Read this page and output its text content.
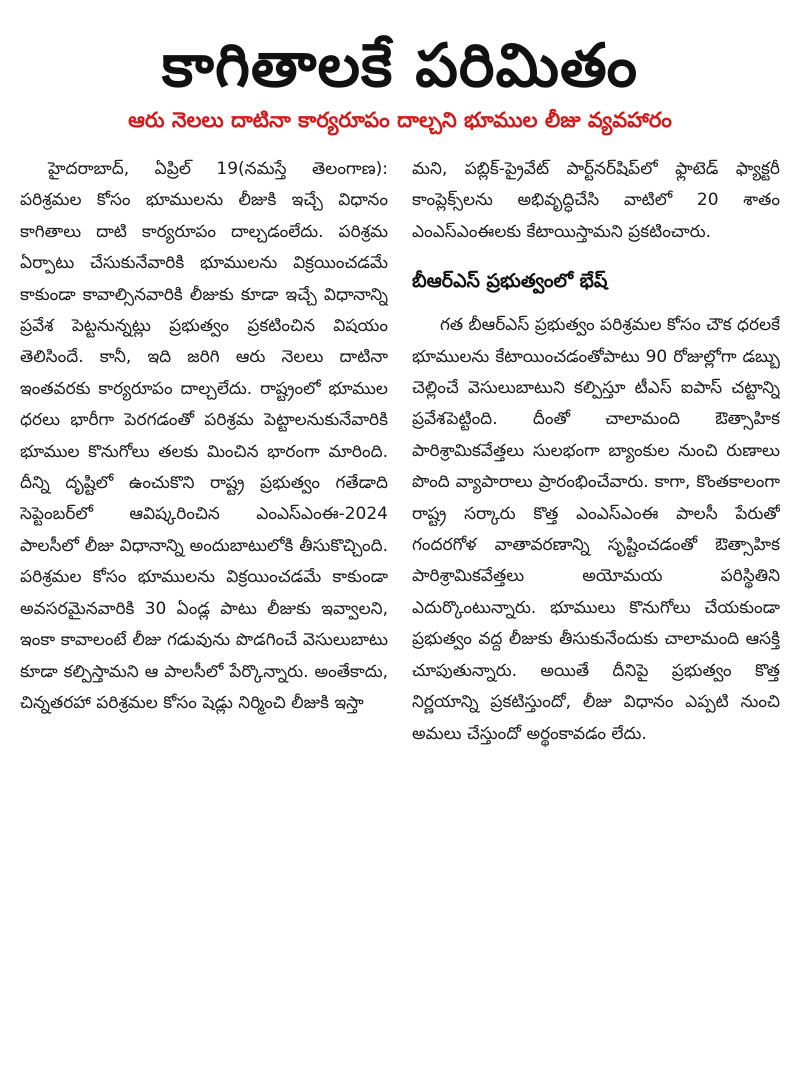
కాగితాలకే పరిమితం
ఆరు నెలలు దాటినా కార్యరూపం దాల్చని భూముల లీజు వ్యవహారం

హైదరాబాద్‌, ఏప్రిల్‌ 19(నమస్తే తెలంగాణ): పరిశ్రమల కోసం భూములను లీజుకి ఇచ్చే విధానం కాగితాలు దాటి కార్యరూపం దాల్చడంలేదు. పరిశ్రమ ఏర్పాటు చేసుకునేవారికి భూములను విక్రయించడమే కాకుండా కావాల్సినవారికి లీజుకు కూడా ఇచ్చే విధానాన్ని ప్రవేశ పెట్టనున్నట్లు ప్రభుత్వం ప్రకటించిన విషయం తెలిసిందే. కానీ, ఇది జరిగి ఆరు నెలలు దాటినా ఇంతవరకు కార్యరూపం దాల్చలేదు. రాష్ట్రంలో భూముల ధరలు భారీగా పెరగడంతో పరిశ్రమ పెట్టాలనుకునేవారికి భూముల కొనుగోలు తలకు మించిన భారంగా మారింది. దీన్ని దృష్టిలో ఉంచుకొని రాష్ట్ర ప్రభుత్వం గతేడాది సెప్టెంబర్‌లో ఆవిష్కరించిన ఎంఎస్‌ఎంఈ-2024 పాలసీలో లీజు విధానాన్ని అందుబాటులోకి తీసుకొచ్చింది. పరిశ్రమల కోసం భూములను విక్రయించడమే కాకుండా అవసరమైనవారికి 30 ఏండ్ల పాటు లీజుకు ఇవ్వాలని, ఇంకా కావాలంటే లీజు గడువును పొడగించే వెసులుబాటు కూడా కల్పిస్తామని ఆ పాలసీలో పేర్కొన్నారు. అంతేకాదు, చిన్నతరహా పరిశ్రమల కోసం షెడ్లు నిర్మించి లీజుకి ఇస్తా

మని, పబ్లిక్‌-ప్రైవేట్‌ పార్ట్‌నర్‌షిప్‌లో ఫ్లాటెడ్‌ ఫ్యాక్టరీ కాంప్లెక్స్‌లను అభివృద్ధిచేసి వాటిలో 20 శాతం ఎంఎస్‌ఎంఈలకు కేటాయిస్తామని ప్రకటించారు.

బీఆర్‌ఎస్‌ ప్రభుత్వంలో భేష్‌

గత బీఆర్‌ఎస్‌ ప్రభుత్వం పరిశ్రమల కోసం చౌక ధరలకే భూములను కేటాయించడంతోపాటు 90 రోజుల్లోగా డబ్బు చెల్లించే వెసులుబాటుని కల్పిస్తూ టీఎస్‌ ఐపాస్‌ చట్టాన్ని ప్రవేశపెట్టింది. దీంతో చాలామంది ఔత్సాహిక పారిశ్రామికవేత్తలు సులభంగా బ్యాంకుల నుంచి రుణాలు పొంది వ్యాపారాలు ప్రారంభించేవారు. కాగా, కొంతకాలంగా రాష్ట్ర సర్కారు కొత్త ఎంఎస్‌ఎంఈ పాలసీ పేరుతో గందరగోళ వాతావరణాన్ని సృష్టించడంతో ఔత్సాహిక పారిశ్రామికవేత్తలు అయోమయ పరిస్థితిని ఎదుర్కొంటున్నారు. భూములు కొనుగోలు చేయకుండా ప్రభుత్వం వద్ద లీజుకు తీసుకునేందుకు చాలామంది ఆసక్తి చూపుతున్నారు. అయితే దీనిపై ప్రభుత్వం కొత్త నిర్ణయాన్ని ప్రకటిస్తుందో, లీజు విధానం ఎప్పటి నుంచి అమలు చేస్తుందో అర్థంకావడం లేదు.
